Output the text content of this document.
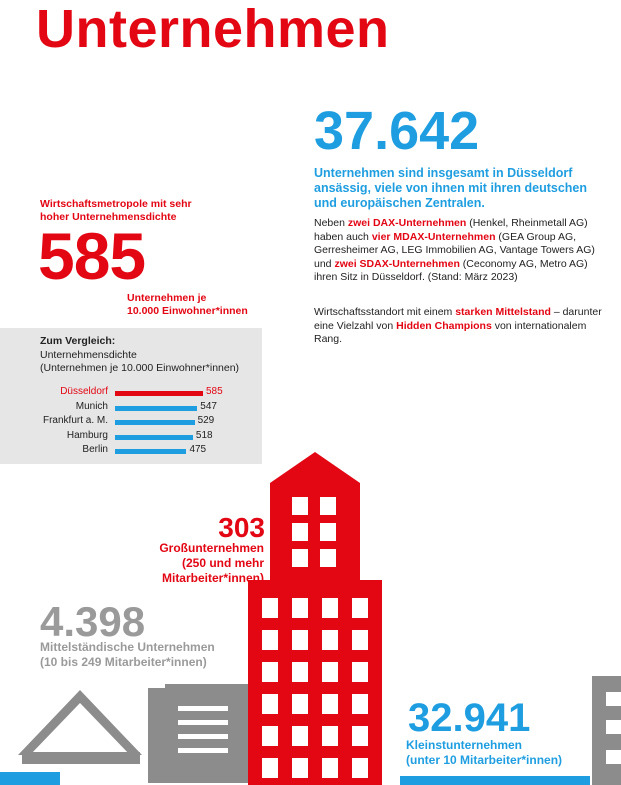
Unternehmen
37.642
Unternehmen sind insgesamt in Düsseldorf ansässig, viele von ihnen mit ihren deutschen und europäischen Zentralen.
Neben zwei DAX-Unternehmen (Henkel, Rheinmetall AG) haben auch vier MDAX-Unternehmen (GEA Group AG, Gerresheimer AG, LEG Immobilien AG, Vantage Towers AG) und zwei SDAX-Unternehmen (Ceconomy AG, Metro AG) ihren Sitz in Düsseldorf. (Stand: März 2023)
Wirtschaftsstandort mit einem starken Mittelstand – darunter eine Vielzahl von Hidden Champions von internationalem Rang.
Wirtschaftsmetropole mit sehr
hoher Unternehmensdichte
585
Unternehmen je
10.000 Einwohner*innen
Zum Vergleich:
Unternehmensdichte
(Unternehmen je 10.000 Einwohner*innen)
Düsseldorf	585
Munich	547
Frankfurt a. M.	529
Hamburg	518
Berlin	475
303
Großunternehmen
(250 und mehr
Mitarbeiter*innen)
4.398
Mittelständische Unternehmen
(10 bis 249 Mitarbeiter*innen)
32.941
Kleinstunternehmen
(unter 10 Mitarbeiter*innen)
